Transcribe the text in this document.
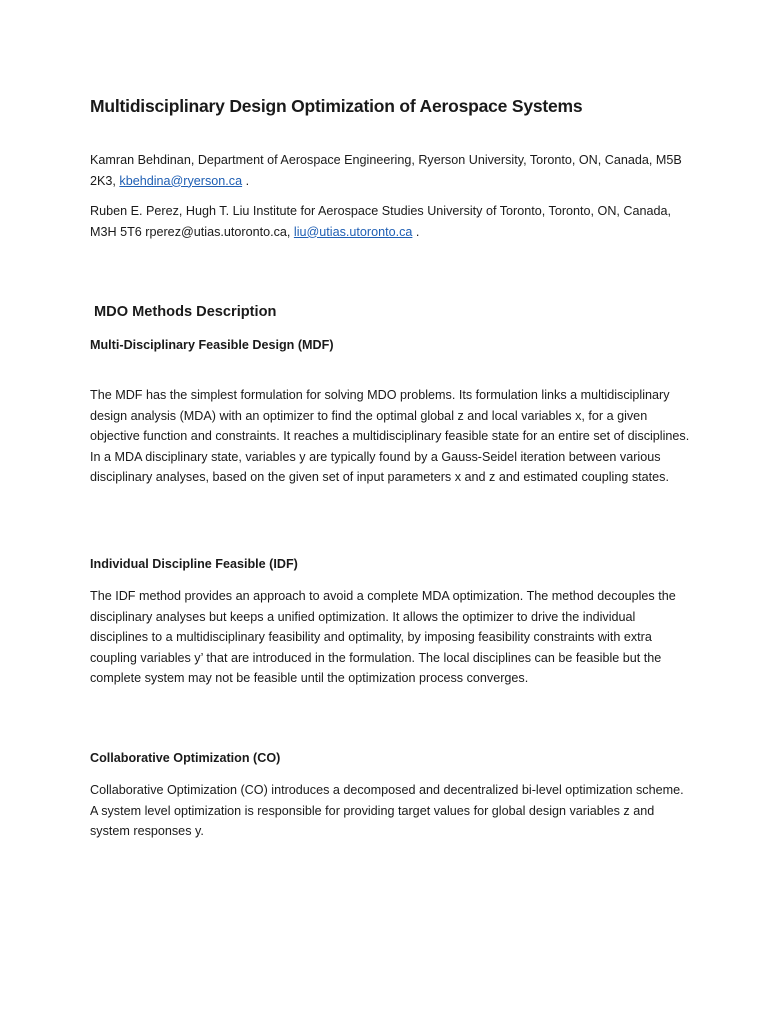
Multidisciplinary Design Optimization of Aerospace Systems

Kamran Behdinan, Department of Aerospace Engineering, Ryerson University, Toronto, ON, Canada, M5B 2K3, kbehdina@ryerson.ca .

Ruben E. Perez, Hugh T. Liu Institute for Aerospace Studies University of Toronto, Toronto, ON, Canada, M3H 5T6 rperez@utias.utoronto.ca, liu@utias.utoronto.ca .

MDO Methods Description
Multi-Disciplinary Feasible Design (MDF)

The MDF has the simplest formulation for solving MDO problems. Its formulation links a multidisciplinary design analysis (MDA) with an optimizer to find the optimal global z and local variables x, for a given objective function and constraints. It reaches a multidisciplinary feasible state for an entire set of disciplines. In a MDA disciplinary state, variables y are typically found by a Gauss-Seidel iteration between various disciplinary analyses, based on the given set of input parameters x and z and estimated coupling states.

Individual Discipline Feasible (IDF)

The IDF method provides an approach to avoid a complete MDA optimization. The method decouples the disciplinary analyses but keeps a unified optimization. It allows the optimizer to drive the individual disciplines to a multidisciplinary feasibility and optimality, by imposing feasibility constraints with extra coupling variables y’ that are introduced in the formulation. The local disciplines can be feasible but the complete system may not be feasible until the optimization process converges.

Collaborative Optimization (CO)

Collaborative Optimization (CO) introduces a decomposed and decentralized bi-level optimization scheme. A system level optimization is responsible for providing target values for global design variables z and system responses y.
